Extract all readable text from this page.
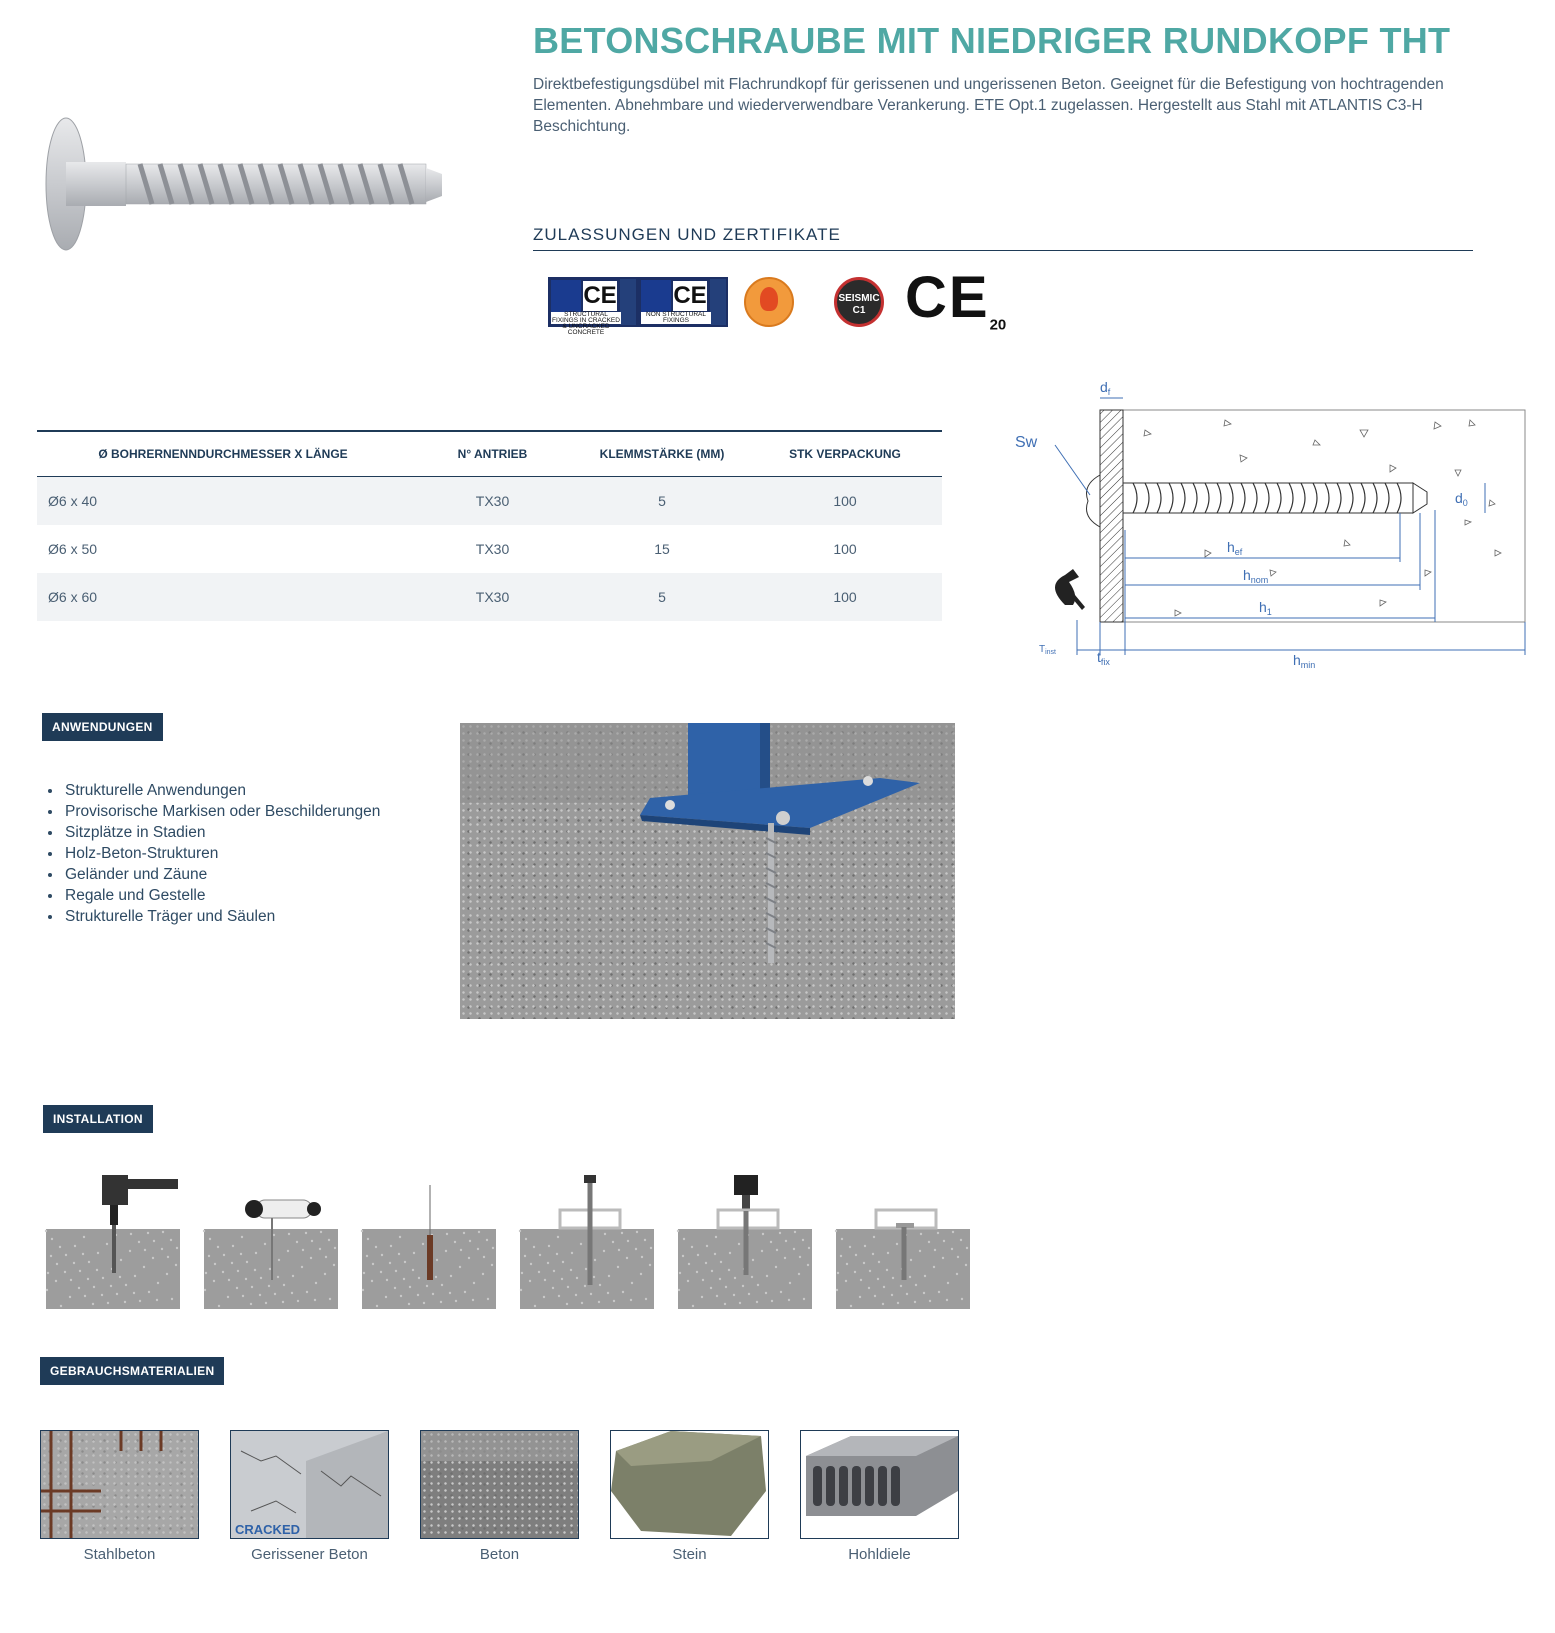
BETONSCHRAUBE MIT NIEDRIGER RUNDKOPF THT
Direktbefestigungsdübel mit Flachrundkopf für gerissenen und ungerissenen Beton. Geeignet für die Befestigung von hochtragenden Elementen. Abnehmbare und wiederverwendbare Verankerung. ETE Opt.1 zugelassen. Hergestellt aus Stahl mit ATLANTIS C3-H Beschichtung.
ZULASSUNGEN UND ZERTIFIKATE
CE
STRUCTURAL FIXINGS IN CRACKED & UNCRACKED CONCRETE
CE
NON STRUCTURAL FIXINGS
SEISMIC
C1 $CE_{20}$
Ø BOHRERNENNDURCHMESSER X LÄNGE	N° ANTRIEB	KLEMMSTÄRKE (MM)	STK VERPACKUNG
Ø6 x 40	TX30	5	100
Ø6 x 50	TX30	15	100
Ø6 x 60	TX30	5	100
$d_f$
Sw
$d_0$
$h_{ef}$
$h_{nom}$
$h_1$
$h_{min}$
$t_{fix}$
$T_{inst}$
ANWENDUNGEN
• Strukturelle Anwendungen
• Provisorische Markisen oder Beschilderungen
• Sitzplätze in Stadien
• Holz-Beton-Strukturen
• Geländer und Zäune
• Regale und Gestelle
• Strukturelle Träger und Säulen
INSTALLATION
GEBRAUCHSMATERIALIEN
CRACKED
Stahlbeton	Gerissener Beton	Beton	Stein	Hohldiele
